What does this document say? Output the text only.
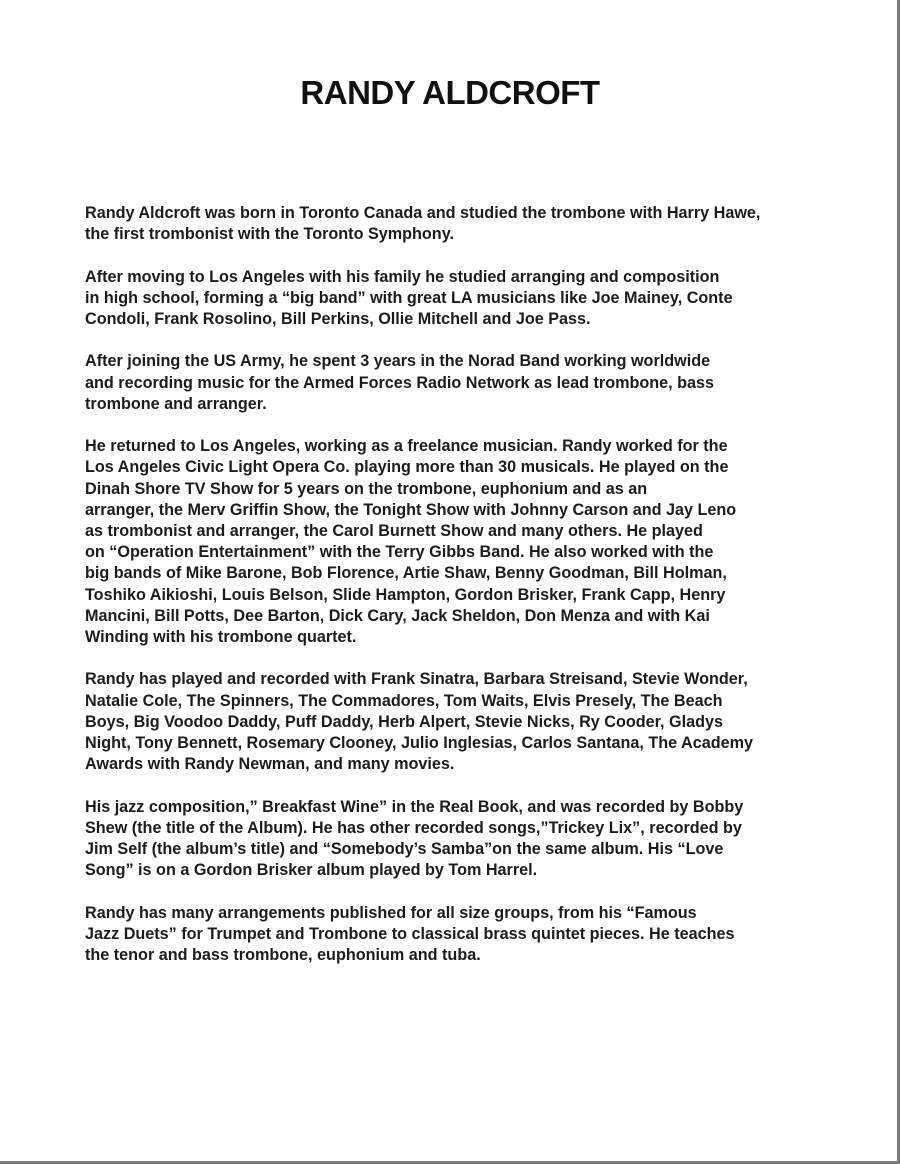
RANDY ALDCROFT

Randy Aldcroft was born in Toronto Canada and studied the trombone with Harry Hawe,
the first trombonist with the Toronto Symphony.

After moving to Los Angeles with his family he studied arranging and composition
in high school, forming a “big band” with great LA musicians like Joe Mainey, Conte
Condoli, Frank Rosolino, Bill Perkins, Ollie Mitchell and Joe Pass.

After joining the US Army, he spent 3 years in the Norad Band working worldwide
and recording music for the Armed Forces Radio Network as lead trombone, bass
trombone and arranger.

He returned to Los Angeles, working as a freelance musician. Randy worked for the
Los Angeles Civic Light Opera Co. playing more than 30 musicals. He played on the
Dinah Shore TV Show for 5 years on the trombone, euphonium and as an
arranger, the Merv Griffin Show, the Tonight Show with Johnny Carson and Jay Leno
as trombonist and arranger, the Carol Burnett Show and many others. He played
on “Operation Entertainment” with the Terry Gibbs Band. He also worked with the
big bands of Mike Barone, Bob Florence, Artie Shaw, Benny Goodman, Bill Holman,
Toshiko Aikioshi, Louis Belson, Slide Hampton, Gordon Brisker, Frank Capp, Henry
Mancini, Bill Potts, Dee Barton, Dick Cary, Jack Sheldon, Don Menza and with Kai
Winding with his trombone quartet.

Randy has played and recorded with Frank Sinatra, Barbara Streisand, Stevie Wonder,
Natalie Cole, The Spinners, The Commadores, Tom Waits, Elvis Presely, The Beach
Boys, Big Voodoo Daddy, Puff Daddy, Herb Alpert, Stevie Nicks, Ry Cooder, Gladys
Night, Tony Bennett, Rosemary Clooney, Julio Inglesias, Carlos Santana, The Academy
Awards with Randy Newman, and many movies.

His jazz composition,” Breakfast Wine” in the Real Book, and was recorded by Bobby
Shew (the title of the Album). He has other recorded songs,”Trickey Lix”, recorded by
Jim Self (the album’s title) and “Somebody’s Samba”on the same album. His “Love
Song” is on a Gordon Brisker album played by Tom Harrel.

Randy has many arrangements published for all size groups, from his “Famous
Jazz Duets” for Trumpet and Trombone to classical brass quintet pieces. He teaches
the tenor and bass trombone, euphonium and tuba.
